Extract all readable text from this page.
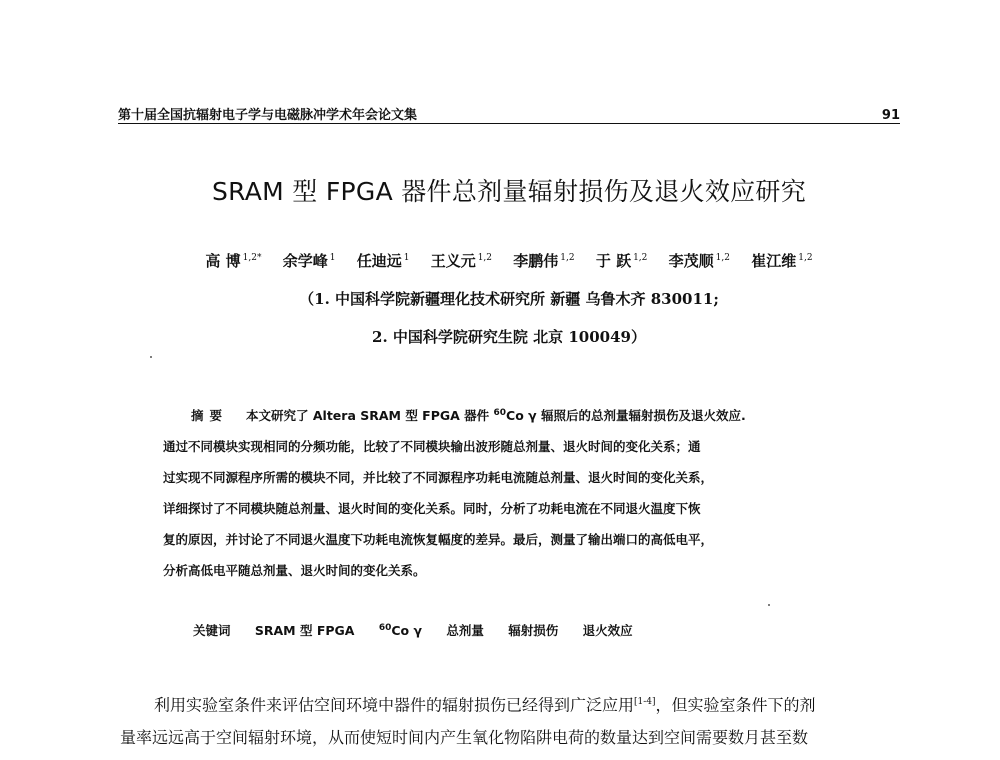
第十届全国抗辐射电子学与电磁脉冲学术年会论文集	91
SRAM 型 FPGA 器件总剂量辐射损伤及退火效应研究
高 博 $^{1,2*}$ 余学峰 $^1$ 任迪远 $^1$ 王义元 $^{1,2}$ 李鹏伟 $^{1,2}$ 于 跃 $^{1,2}$ 李茂顺 $^{1,2}$ 崔江维 $^{1,2}$
（1. 中国科学院新疆理化技术研究所 新疆 乌鲁木齐 830011;
2. 中国科学院研究生院 北京 100049）
摘要 本文研究了 Altera SRAM 型 FPGA 器件 $^{60}$Co γ 辐照后的总剂量辐射损伤及退火效应.
通过不同模块实现相同的分频功能，比较了不同模块输出波形随总剂量、退火时间的变化关系；通
过实现不同源程序所需的模块不同，并比较了不同源程序功耗电流随总剂量、退火时间的变化关系，
详细探讨了不同模块随总剂量、退火时间的变化关系。同时，分析了功耗电流在不同退火温度下恢
复的原因，并讨论了不同退火温度下功耗电流恢复幅度的差异。最后，测量了输出端口的高低电平，
分析高低电平随总剂量、退火时间的变化关系。
关键词 SRAM 型 FPGA	$^{60}$Co γ 总剂量 辐射损伤 退火效应
利用实验室条件来评估空间环境中器件的辐射损伤已经得到广泛应用[1-4]，但实验室条件下的剂
量率远远高于空间辐射环境，从而使短时间内产生氧化物陷阱电荷的数量达到空间需要数月甚至数
